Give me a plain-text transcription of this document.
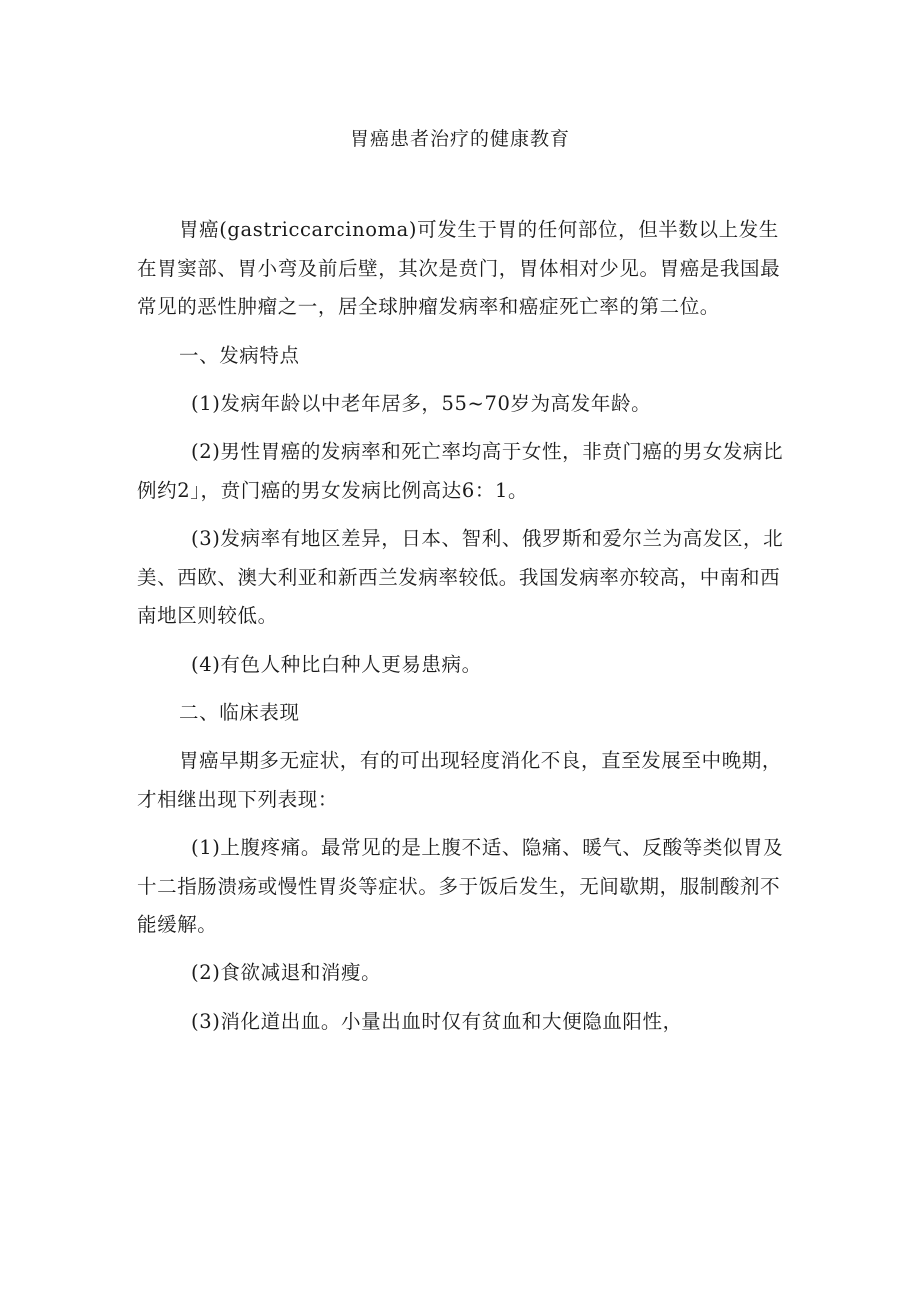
胃癌患者治疗的健康教育

胃癌(gastriccarcinoma)可发生于胃的任何部位，但半数以上发生在胃窦部、胃小弯及前后壁，其次是贲门，胃体相对少见。胃癌是我国最常见的恶性肿瘤之一，居全球肿瘤发病率和癌症死亡率的第二位。

一、发病特点

(1)发病年龄以中老年居多，55~70岁为高发年龄。

(2)男性胃癌的发病率和死亡率均高于女性，非贲门癌的男女发病比例约2」，贲门癌的男女发病比例高达6：1。

(3)发病率有地区差异，日本、智利、俄罗斯和爱尔兰为高发区，北美、西欧、澳大利亚和新西兰发病率较低。我国发病率亦较高，中南和西南地区则较低。

(4)有色人种比白种人更易患病。

二、临床表现

胃癌早期多无症状，有的可出现轻度消化不良，直至发展至中晚期，才相继出现下列表现：

(1)上腹疼痛。最常见的是上腹不适、隐痛、暖气、反酸等类似胃及十二指肠溃疡或慢性胃炎等症状。多于饭后发生，无间歇期，服制酸剂不能缓解。

(2)食欲减退和消瘦。

(3)消化道出血。小量出血时仅有贫血和大便隐血阳性，
